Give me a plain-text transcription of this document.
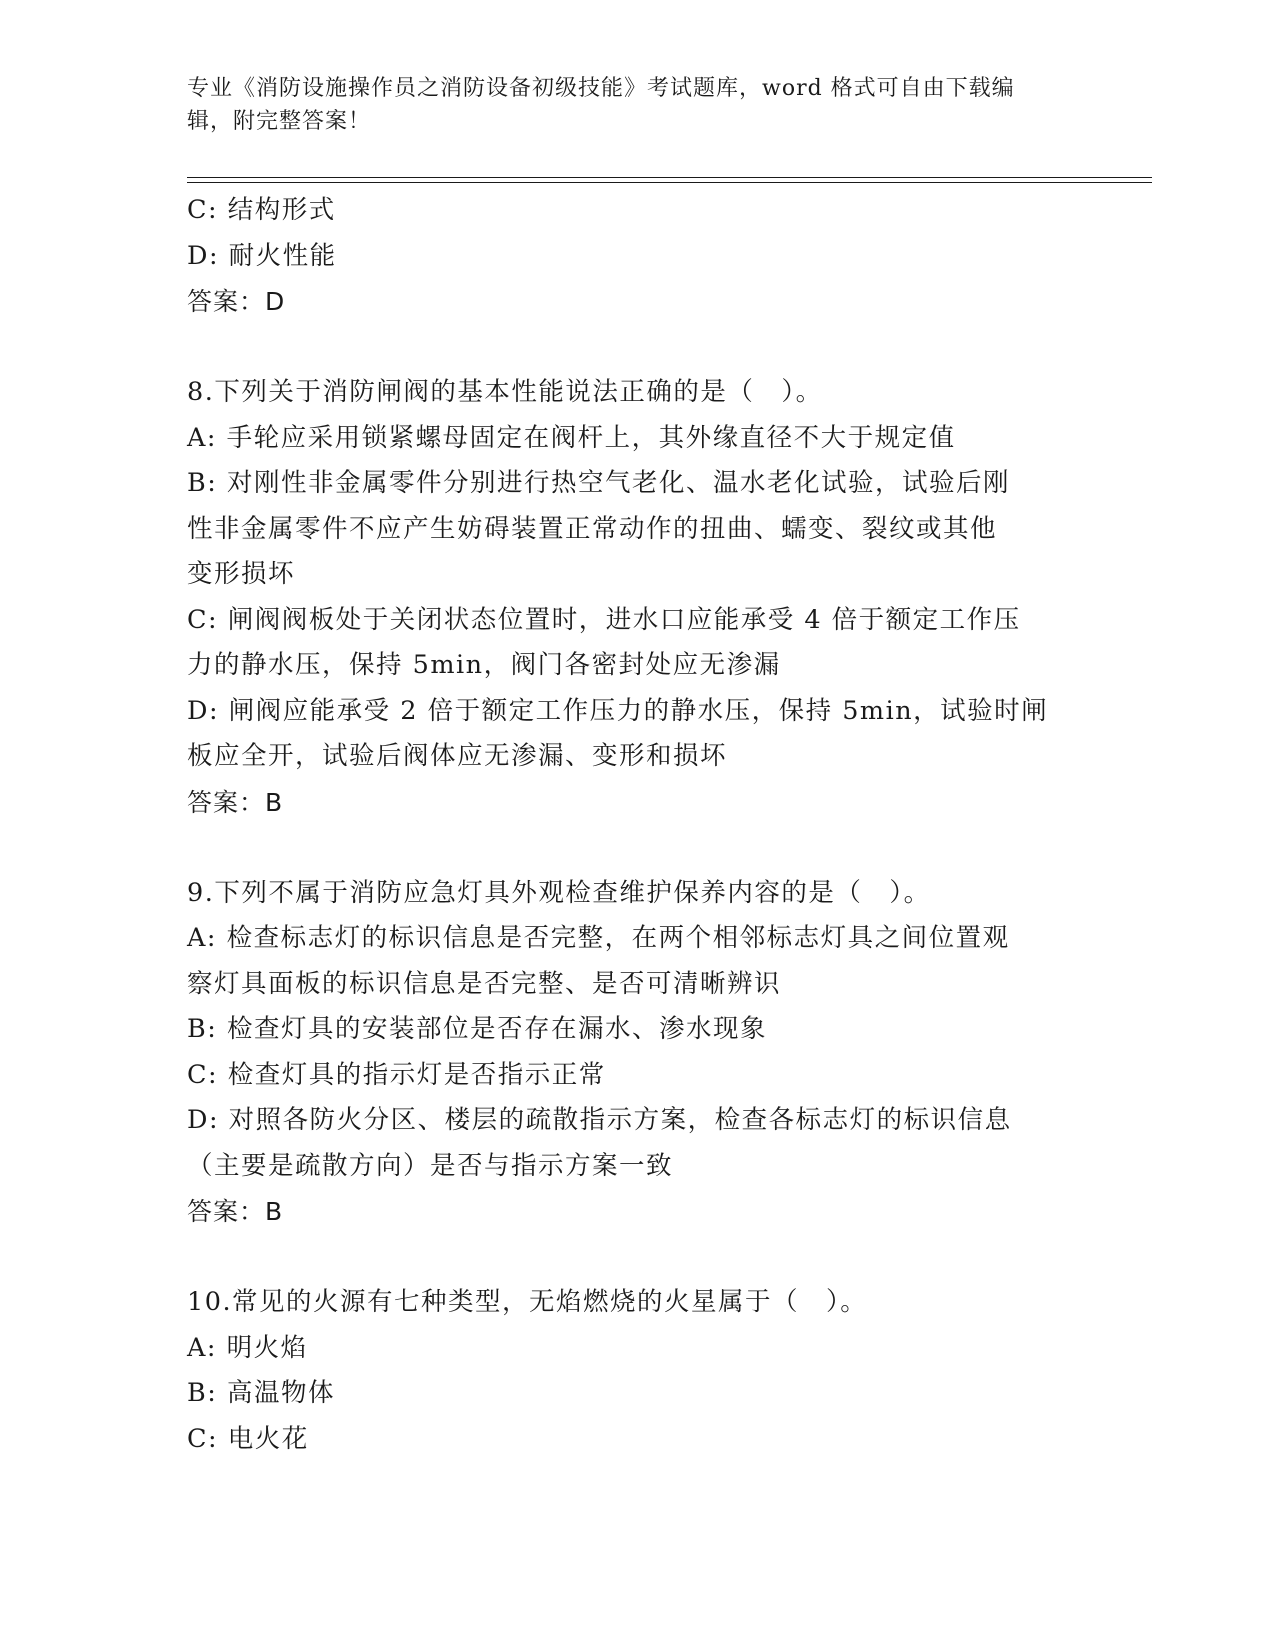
专业《消防设施操作员之消防设备初级技能》考试题库，word 格式可自由下载编
辑，附完整答案！
C: 结构形式
D: 耐火性能
答案：D
8.下列关于消防闸阀的基本性能说法正确的是（　）。
A: 手轮应采用锁紧螺母固定在阀杆上，其外缘直径不大于规定值
B: 对刚性非金属零件分别进行热空气老化、温水老化试验，试验后刚
性非金属零件不应产生妨碍装置正常动作的扭曲、蠕变、裂纹或其他
变形损坏
C: 闸阀阀板处于关闭状态位置时，进水口应能承受 4 倍于额定工作压
力的静水压，保持 5min，阀门各密封处应无渗漏
D: 闸阀应能承受 2 倍于额定工作压力的静水压，保持 5min，试验时闸
板应全开，试验后阀体应无渗漏、变形和损坏
答案：B
9.下列不属于消防应急灯具外观检查维护保养内容的是（　）。
A: 检查标志灯的标识信息是否完整，在两个相邻标志灯具之间位置观
察灯具面板的标识信息是否完整、是否可清晰辨识
B: 检查灯具的安装部位是否存在漏水、渗水现象
C: 检查灯具的指示灯是否指示正常
D: 对照各防火分区、楼层的疏散指示方案，检查各标志灯的标识信息
（主要是疏散方向）是否与指示方案一致
答案：B
10.常见的火源有七种类型，无焰燃烧的火星属于（　）。
A: 明火焰
B: 高温物体
C: 电火花
